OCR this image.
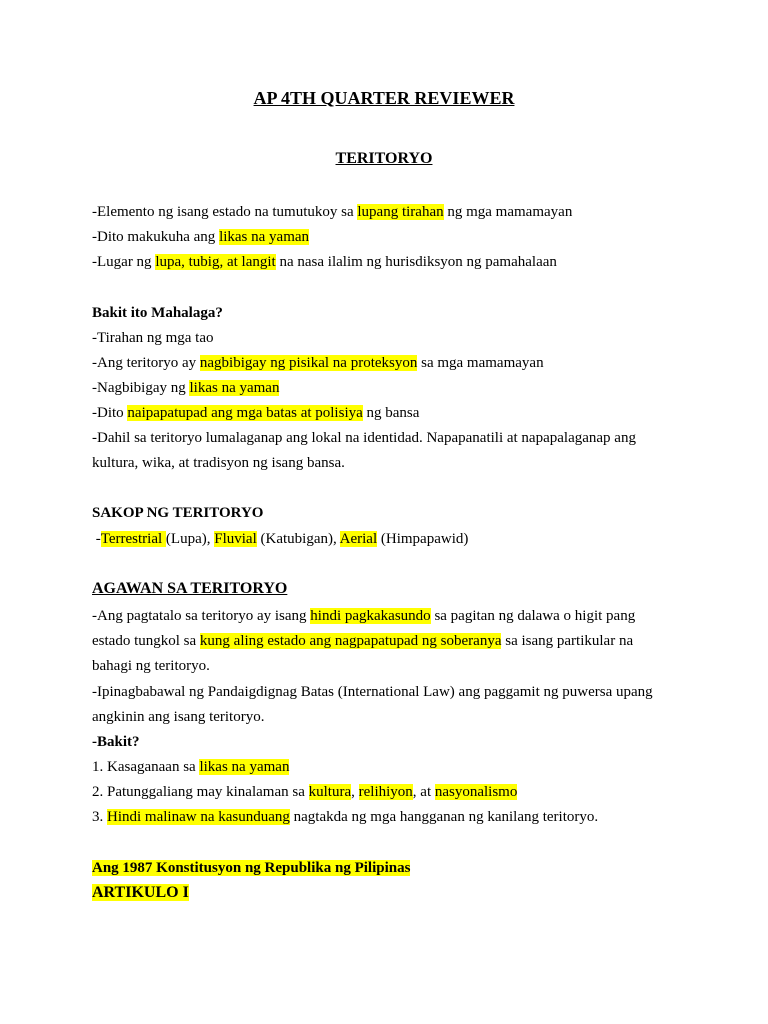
AP 4TH QUARTER REVIEWER
TERITORYO
-Elemento ng isang estado na tumutukoy sa lupang tirahan ng mga mamamayan
-Dito makukuha ang likas na yaman
-Lugar ng lupa, tubig, at langit na nasa ilalim ng hurisdiksyon ng pamahalaan
Bakit ito Mahalaga?
-Tirahan ng mga tao
-Ang teritoryo ay nagbibigay ng pisikal na proteksyon sa mga mamamayan
-Nagbibigay ng likas na yaman
-Dito naipapatupad ang mga batas at polisiya ng bansa
-Dahil sa teritoryo lumalaganap ang lokal na identidad. Napapanatili at napapalaganap ang
kultura, wika, at tradisyon ng isang bansa.
SAKOP NG TERITORYO
-Terrestrial (Lupa), Fluvial (Katubigan), Aerial (Himpapawid)
AGAWAN SA TERITORYO
-Ang pagtatalo sa teritoryo ay isang hindi pagkakasundo sa pagitan ng dalawa o higit pang
estado tungkol sa kung aling estado ang nagpapatupad ng soberanya sa isang partikular na
bahagi ng teritoryo.
-Ipinagbabawal ng Pandaigdignag Batas (International Law) ang paggamit ng puwersa upang
angkinin ang isang teritoryo.
-Bakit?
1. Kasaganaan sa likas na yaman
2. Patunggaliang may kinalaman sa kultura, relihiyon, at nasyonalismo
3. Hindi malinaw na kasunduang nagtakda ng mga hangganan ng kanilang teritoryo.
Ang 1987 Konstitusyon ng Republika ng Pilipinas
ARTIKULO I
